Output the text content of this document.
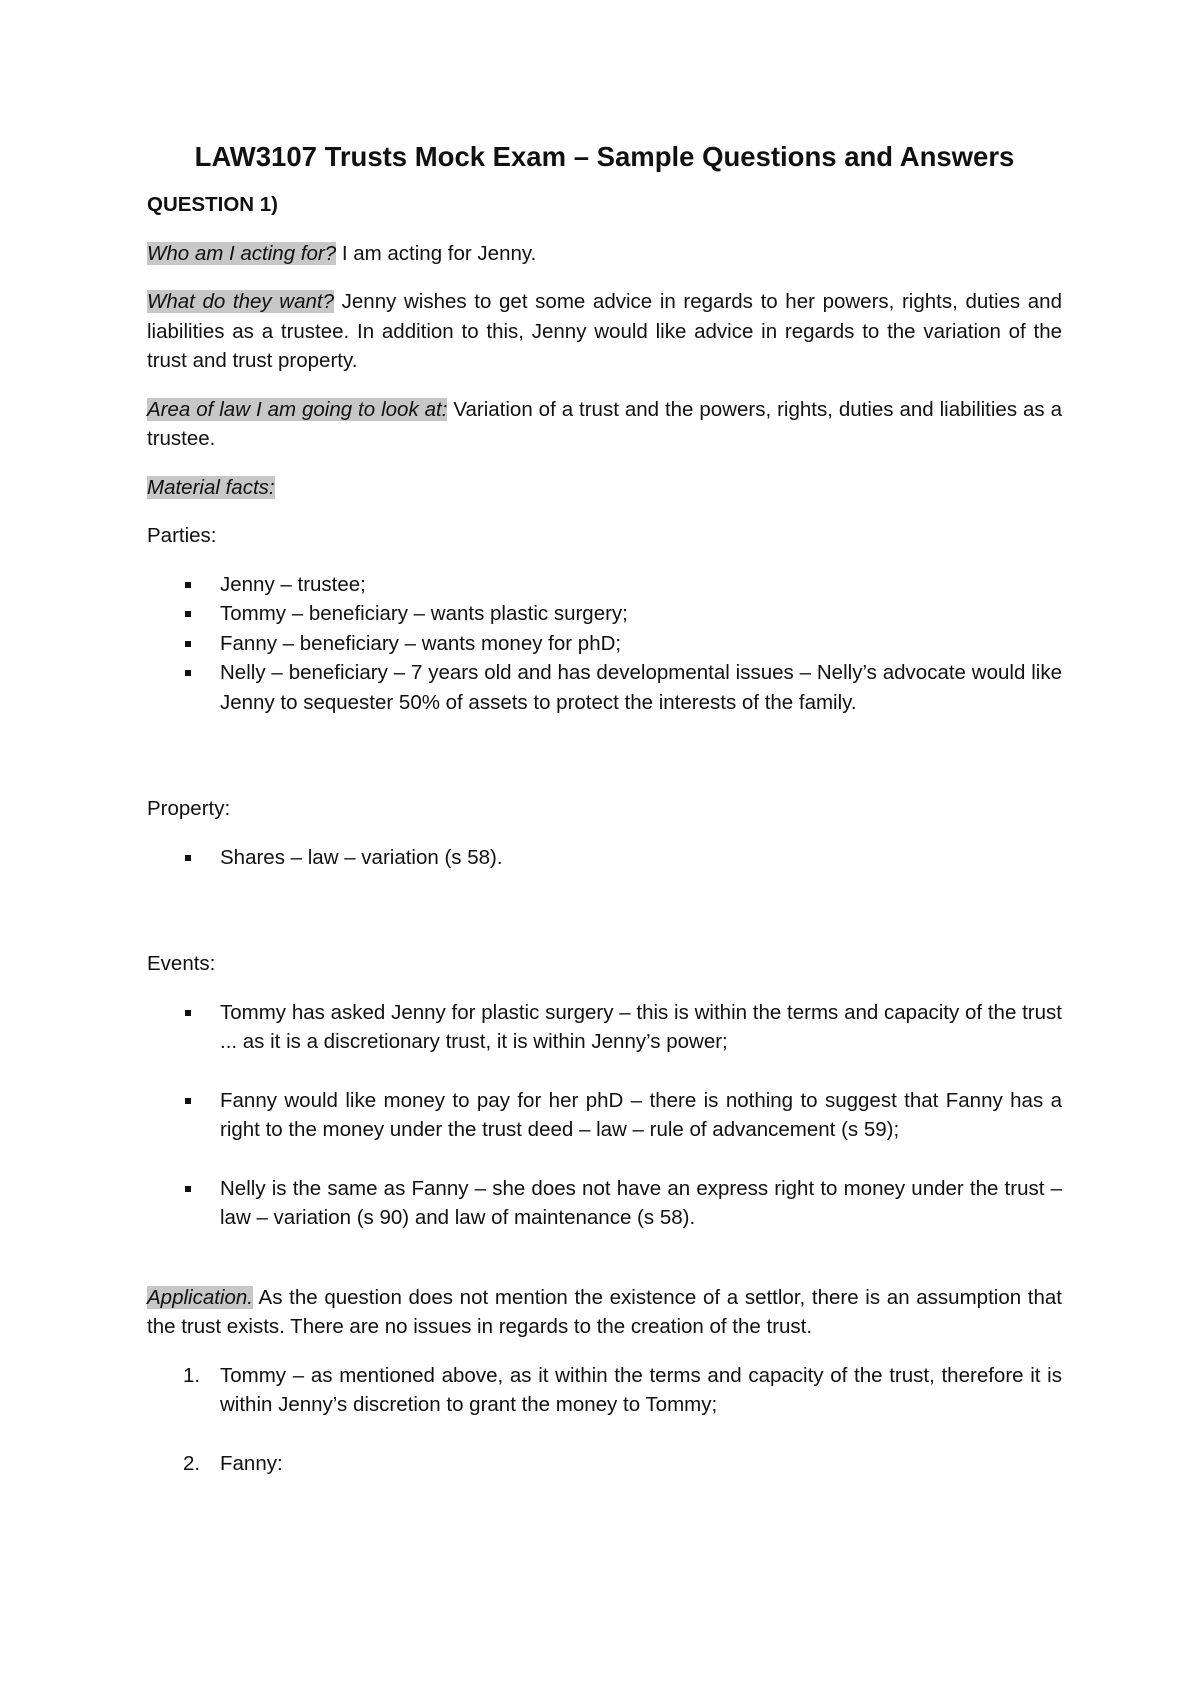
LAW3107 Trusts Mock Exam – Sample Questions and Answers
QUESTION 1)

Who am I acting for? I am acting for Jenny.

What do they want? Jenny wishes to get some advice in regards to her powers, rights, duties and liabilities as a trustee. In addition to this, Jenny would like advice in regards to the variation of the trust and trust property.

Area of law I am going to look at: Variation of a trust and the powers, rights, duties and liabilities as a trustee.

Material facts:

Parties:

Jenny – trustee;
Tommy – beneficiary – wants plastic surgery;
Fanny – beneficiary – wants money for phD;
Nelly – beneficiary – 7 years old and has developmental issues – Nelly’s advocate would like Jenny to sequester 50% of assets to protect the interests of the family.

Property:

Shares – law – variation (s 58).

Events:

Tommy has asked Jenny for plastic surgery – this is within the terms and capacity of the trust ... as it is a discretionary trust, it is within Jenny’s power;
Fanny would like money to pay for her phD – there is nothing to suggest that Fanny has a right to the money under the trust deed – law – rule of advancement (s 59);
Nelly is the same as Fanny – she does not have an express right to money under the trust – law – variation (s 90) and law of maintenance (s 58).

Application. As the question does not mention the existence of a settlor, there is an assumption that the trust exists. There are no issues in regards to the creation of the trust.

1. Tommy – as mentioned above, as it within the terms and capacity of the trust, therefore it is within Jenny’s discretion to grant the money to Tommy;
2. Fanny:
